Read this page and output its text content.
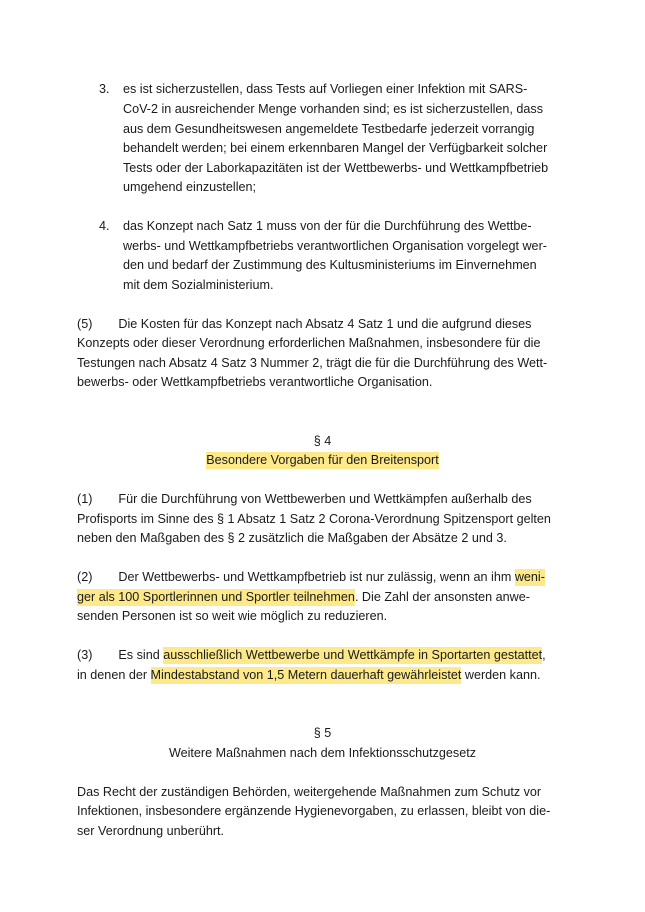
3. es ist sicherzustellen, dass Tests auf Vorliegen einer Infektion mit SARS-
CoV-2 in ausreichender Menge vorhanden sind; es ist sicherzustellen, dass
aus dem Gesundheitswesen angemeldete Testbedarfe jederzeit vorrangig
behandelt werden; bei einem erkennbaren Mangel der Verfügbarkeit solcher
Tests oder der Laborkapazitäten ist der Wettbewerbs- und Wettkampfbetrieb
umgehend einzustellen;
4. das Konzept nach Satz 1 muss von der für die Durchführung des Wettbe-
werbs- und Wettkampfbetriebs verantwortlichen Organisation vorgelegt wer-
den und bedarf der Zustimmung des Kultusministeriums im Einvernehmen
mit dem Sozialministerium.
(5) Die Kosten für das Konzept nach Absatz 4 Satz 1 und die aufgrund dieses
Konzepts oder dieser Verordnung erforderlichen Maßnahmen, insbesondere für die
Testungen nach Absatz 4 Satz 3 Nummer 2, trägt die für die Durchführung des Wett-
bewerbs- oder Wettkampfbetriebs verantwortliche Organisation.
§ 4
Besondere Vorgaben für den Breitensport
(1) Für die Durchführung von Wettbewerben und Wettkämpfen außerhalb des
Profisports im Sinne des § 1 Absatz 1 Satz 2 Corona-Verordnung Spitzensport gelten
neben den Maßgaben des § 2 zusätzlich die Maßgaben der Absätze 2 und 3.
(2) Der Wettbewerbs- und Wettkampfbetrieb ist nur zulässig, wenn an ihm weni-
ger als 100 Sportlerinnen und Sportler teilnehmen. Die Zahl der ansonsten anwe-
senden Personen ist so weit wie möglich zu reduzieren.
(3) Es sind ausschließlich Wettbewerbe und Wettkämpfe in Sportarten gestattet,
in denen der Mindestabstand von 1,5 Metern dauerhaft gewährleistet werden kann.
§ 5
Weitere Maßnahmen nach dem Infektionsschutzgesetz
Das Recht der zuständigen Behörden, weitergehende Maßnahmen zum Schutz vor
Infektionen, insbesondere ergänzende Hygienevorgaben, zu erlassen, bleibt von die-
ser Verordnung unberührt.
